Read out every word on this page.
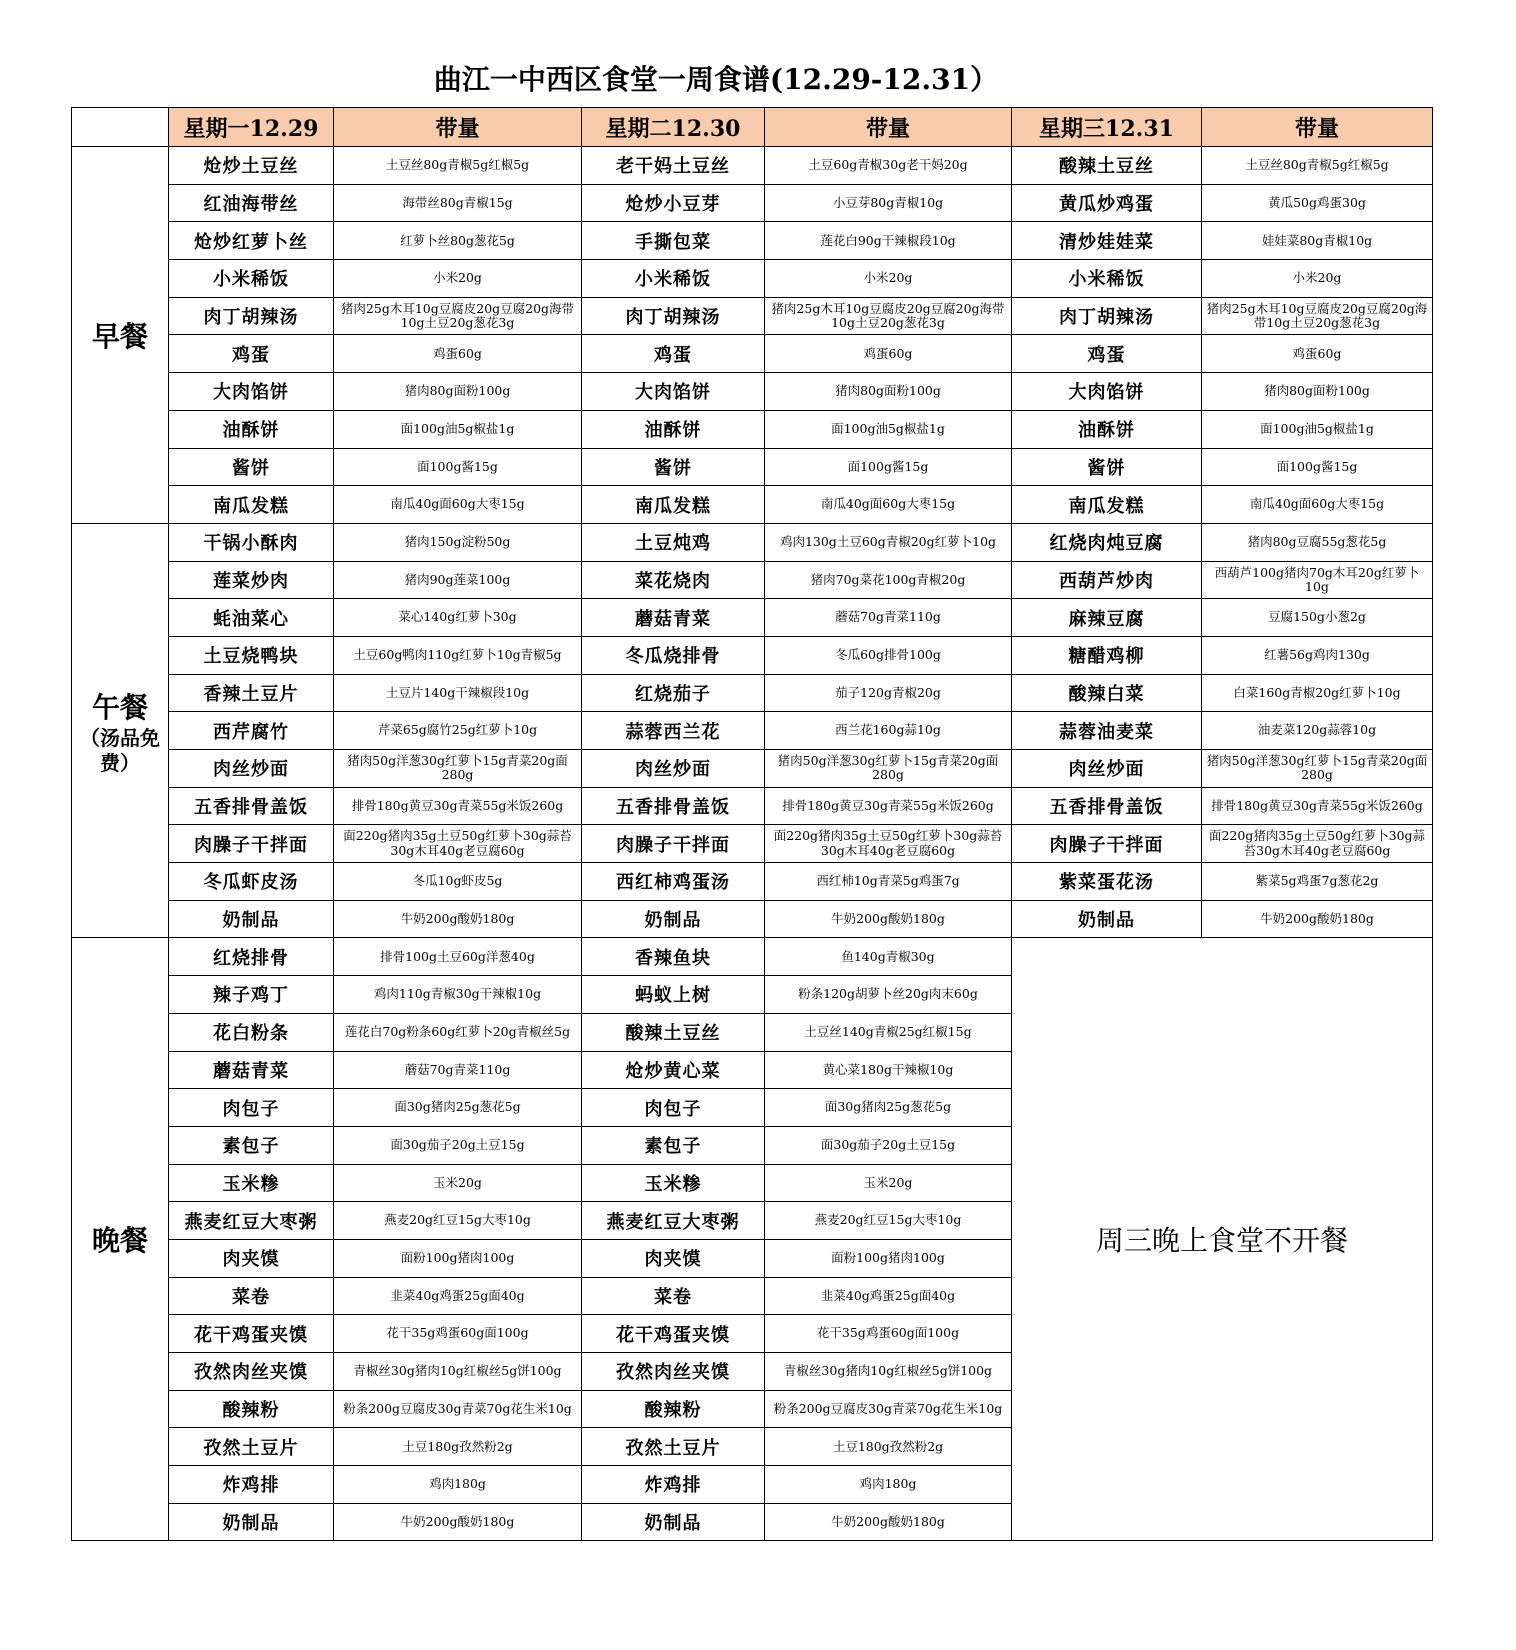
曲江一中西区食堂一周食谱(12.29-12.31）
	星期一12.29	带量	星期二12.30	带量	星期三12.31	带量
早餐	炝炒土豆丝	土豆丝80g青椒5g红椒5g	老干妈土豆丝	土豆60g青椒30g老干妈20g	酸辣土豆丝	土豆丝80g青椒5g红椒5g
	红油海带丝	海带丝80g青椒15g	炝炒小豆芽	小豆芽80g青椒10g	黄瓜炒鸡蛋	黄瓜50g鸡蛋30g
	炝炒红萝卜丝	红萝卜丝80g葱花5g	手撕包菜	莲花白90g干辣椒段10g	清炒娃娃菜	娃娃菜80g青椒10g
	小米稀饭	小米20g	小米稀饭	小米20g	小米稀饭	小米20g
	肉丁胡辣汤	猪肉25g木耳10g豆腐皮20g豆腐20g海带10g土豆20g葱花3g	肉丁胡辣汤	猪肉25g木耳10g豆腐皮20g豆腐20g海带10g土豆20g葱花3g	肉丁胡辣汤	猪肉25g木耳10g豆腐皮20g豆腐20g海带10g土豆20g葱花3g
	鸡蛋	鸡蛋60g	鸡蛋	鸡蛋60g	鸡蛋	鸡蛋60g
	大肉馅饼	猪肉80g面粉100g	大肉馅饼	猪肉80g面粉100g	大肉馅饼	猪肉80g面粉100g
	油酥饼	面100g油5g椒盐1g	油酥饼	面100g油5g椒盐1g	油酥饼	面100g油5g椒盐1g
	酱饼	面100g酱15g	酱饼	面100g酱15g	酱饼	面100g酱15g
	南瓜发糕	南瓜40g面60g大枣15g	南瓜发糕	南瓜40g面60g大枣15g	南瓜发糕	南瓜40g面60g大枣15g
午餐
（汤品免费）	干锅小酥肉	猪肉150g淀粉50g	土豆炖鸡	鸡肉130g土豆60g青椒20g红萝卜10g	红烧肉炖豆腐	猪肉80g豆腐55g葱花5g
	莲菜炒肉	猪肉90g莲菜100g	菜花烧肉	猪肉70g菜花100g青椒20g	西葫芦炒肉	西葫芦100g猪肉70g木耳20g红萝卜10g
	蚝油菜心	菜心140g红萝卜30g	蘑菇青菜	蘑菇70g青菜110g	麻辣豆腐	豆腐150g小葱2g
	土豆烧鸭块	土豆60g鸭肉110g红萝卜10g青椒5g	冬瓜烧排骨	冬瓜60g排骨100g	糖醋鸡柳	红薯56g鸡肉130g
	香辣土豆片	土豆片140g干辣椒段10g	红烧茄子	茄子120g青椒20g	酸辣白菜	白菜160g青椒20g红萝卜10g
	西芹腐竹	芹菜65g腐竹25g红萝卜10g	蒜蓉西兰花	西兰花160g蒜10g	蒜蓉油麦菜	油麦菜120g蒜蓉10g
	肉丝炒面	猪肉50g洋葱30g红萝卜15g青菜20g面280g	肉丝炒面	猪肉50g洋葱30g红萝卜15g青菜20g面280g	肉丝炒面	猪肉50g洋葱30g红萝卜15g青菜20g面280g
	五香排骨盖饭	排骨180g黄豆30g青菜55g米饭260g	五香排骨盖饭	排骨180g黄豆30g青菜55g米饭260g	五香排骨盖饭	排骨180g黄豆30g青菜55g米饭260g
	肉臊子干拌面	面220g猪肉35g土豆50g红萝卜30g蒜苔30g木耳40g老豆腐60g	肉臊子干拌面	面220g猪肉35g土豆50g红萝卜30g蒜苔30g木耳40g老豆腐60g	肉臊子干拌面	面220g猪肉35g土豆50g红萝卜30g蒜苔30g木耳40g老豆腐60g
	冬瓜虾皮汤	冬瓜10g虾皮5g	西红柿鸡蛋汤	西红柿10g青菜5g鸡蛋7g	紫菜蛋花汤	紫菜5g鸡蛋7g葱花2g
	奶制品	牛奶200g酸奶180g	奶制品	牛奶200g酸奶180g	奶制品	牛奶200g酸奶180g
晚餐	红烧排骨	排骨100g土豆60g洋葱40g	香辣鱼块	鱼140g青椒30g	周三晚上食堂不开餐	
	辣子鸡丁	鸡肉110g青椒30g干辣椒10g	蚂蚁上树	粉条120g胡萝卜丝20g肉末60g		
	花白粉条	莲花白70g粉条60g红萝卜20g青椒丝5g	酸辣土豆丝	土豆丝140g青椒25g红椒15g		
	蘑菇青菜	蘑菇70g青菜110g	炝炒黄心菜	黄心菜180g干辣椒10g		
	肉包子	面30g猪肉25g葱花5g	肉包子	面30g猪肉25g葱花5g		
	素包子	面30g茄子20g土豆15g	素包子	面30g茄子20g土豆15g		
	玉米糁	玉米20g	玉米糁	玉米20g		
	燕麦红豆大枣粥	燕麦20g红豆15g大枣10g	燕麦红豆大枣粥	燕麦20g红豆15g大枣10g		
	肉夹馍	面粉100g猪肉100g	肉夹馍	面粉100g猪肉100g		
	菜卷	韭菜40g鸡蛋25g面40g	菜卷	韭菜40g鸡蛋25g面40g		
	花干鸡蛋夹馍	花干35g鸡蛋60g面100g	花干鸡蛋夹馍	花干35g鸡蛋60g面100g		
	孜然肉丝夹馍	青椒丝30g猪肉10g红椒丝5g饼100g	孜然肉丝夹馍	青椒丝30g猪肉10g红椒丝5g饼100g		
	酸辣粉	粉条200g豆腐皮30g青菜70g花生米10g	酸辣粉	粉条200g豆腐皮30g青菜70g花生米10g		
	孜然土豆片	土豆180g孜然粉2g	孜然土豆片	土豆180g孜然粉2g		
	炸鸡排	鸡肉180g	炸鸡排	鸡肉180g		
	奶制品	牛奶200g酸奶180g	奶制品	牛奶200g酸奶180g		
